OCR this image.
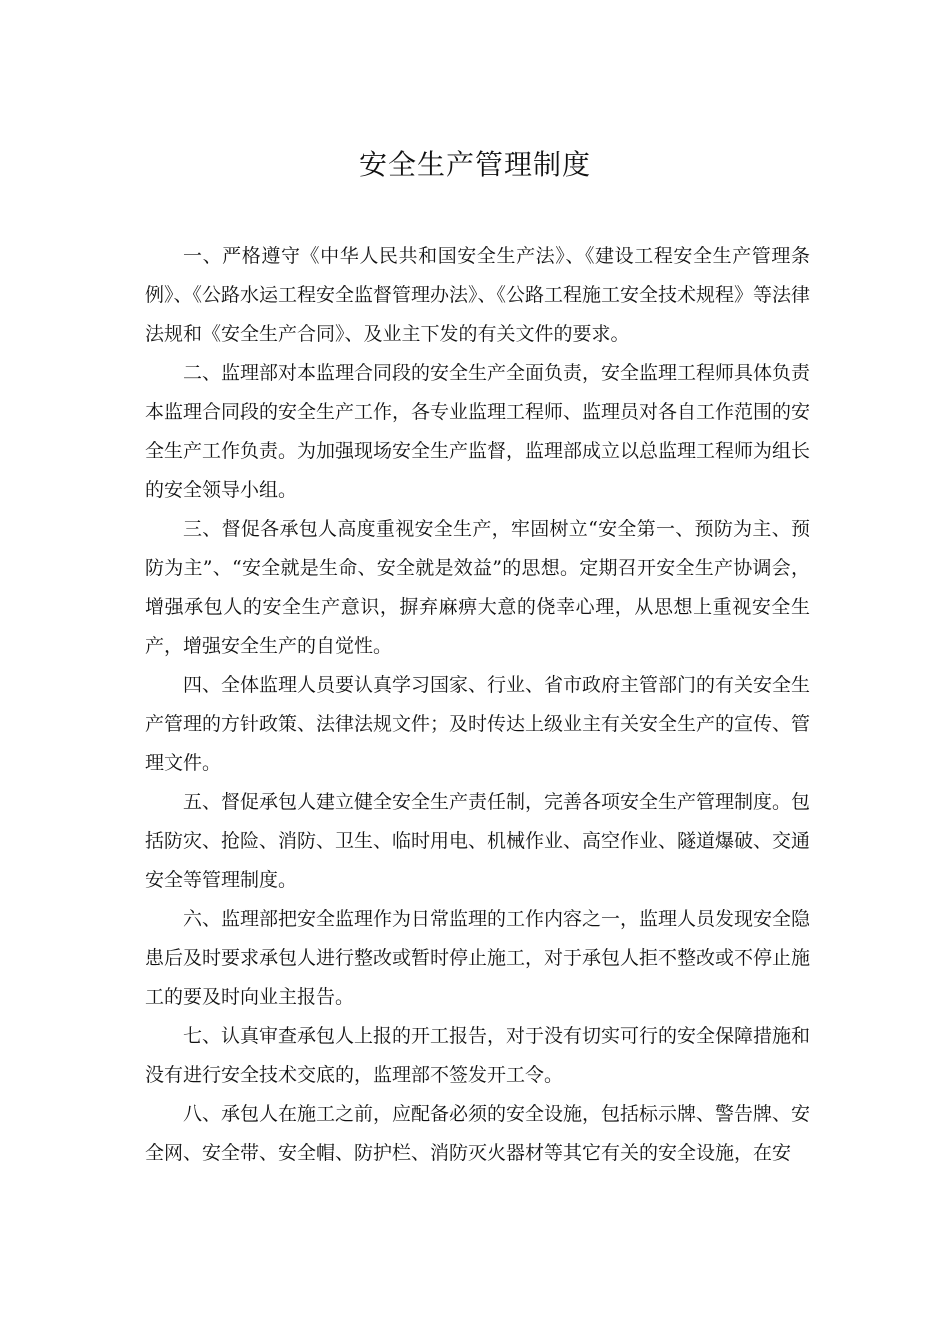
安全生产管理制度

一、严格遵守《中华人民共和国安全生产法》、《建设工程安全生产管理条例》、《公路水运工程安全监督管理办法》、《公路工程施工安全技术规程》等法律法规和《安全生产合同》、及业主下发的有关文件的要求。

二、监理部对本监理合同段的安全生产全面负责，安全监理工程师具体负责本监理合同段的安全生产工作，各专业监理工程师、监理员对各自工作范围的安全生产工作负责。为加强现场安全生产监督，监理部成立以总监理工程师为组长的安全领导小组。

三、督促各承包人高度重视安全生产，牢固树立“安全第一、预防为主、预防为主”、“安全就是生命、安全就是效益”的思想。定期召开安全生产协调会，增强承包人的安全生产意识，摒弃麻痹大意的侥幸心理，从思想上重视安全生产，增强安全生产的自觉性。

四、全体监理人员要认真学习国家、行业、省市政府主管部门的有关安全生产管理的方针政策、法律法规文件；及时传达上级业主有关安全生产的宣传、管理文件。

五、督促承包人建立健全安全生产责任制，完善各项安全生产管理制度。包括防灾、抢险、消防、卫生、临时用电、机械作业、高空作业、隧道爆破、交通安全等管理制度。

六、监理部把安全监理作为日常监理的工作内容之一，监理人员发现安全隐患后及时要求承包人进行整改或暂时停止施工，对于承包人拒不整改或不停止施工的要及时向业主报告。

七、认真审查承包人上报的开工报告，对于没有切实可行的安全保障措施和没有进行安全技术交底的，监理部不签发开工令。

八、承包人在施工之前，应配备必须的安全设施，包括标示牌、警告牌、安全网、安全带、安全帽、防护栏、消防灭火器材等其它有关的安全设施，在安
